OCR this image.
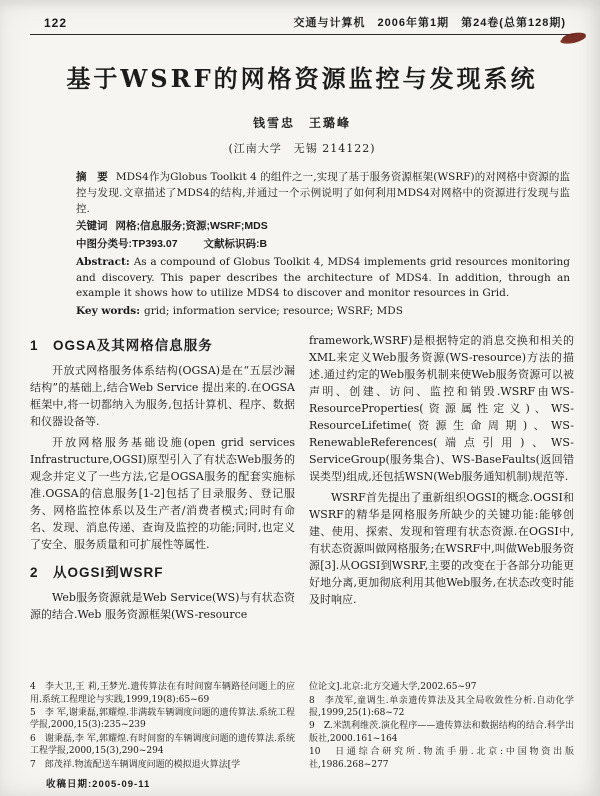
122	交通与计算机　2006年第1期　第24卷(总第128期)
基于WSRF的网格资源监控与发现系统
钱雪忠　王璐峰
(江南大学　无锡 214122)

摘　要 MDS4作为Globus Toolkit 4 的组件之一,实现了基于服务资源框架(WSRF)的对网格中资源的监控与发现.文章描述了MDS4的结构,并通过一个示例说明了如何利用MDS4对网格中的资源进行发现与监控.

关键词 网格;信息服务;资源;WSRF;MDS

中图分类号:TP393.07 文献标识码:B

Abstract: As a compound of Globus Toolkit 4, MDS4 implements grid resources monitoring and discovery. This paper describes the architecture of MDS4. In addition, through an example it shows how to utilize MDS4 to discover and monitor resources in Grid.

Key words: grid; information service; resource; WSRF; MDS

1　OGSA及其网格信息服务

开放式网格服务体系结构(OGSA)是在“五层沙漏结构”的基础上,结合Web Service 提出来的.在OGSA框架中,将一切都纳入为服务,包括计算机、程序、数据和仪器设备等.

开放网格服务基础设施(open grid services Infrastructure,OGSI)原型引入了有状态Web服务的观念并定义了一些方法,它是OGSA服务的配套实施标准.OGSA的信息服务[1-2]包括了目录服务、登记服务、网格监控体系以及生产者/消费者模式;同时有命名、发现、消息传递、查询及监控的功能;同时,也定义了安全、服务质量和可扩展性等属性.

2　从OGSI到WSRF

Web服务资源就是Web Service(WS)与有状态资源的结合.Web 服务资源框架(WS-resource

framework,WSRF)是根据特定的消息交换和相关的XML来定义Web服务资源(WS-resource)方法的描述.通过约定的Web服务机制来使Web服务资源可以被声明、创建、访问、监控和销毁.WSRF由WS-ResourceProperties(资源属性定义)、WS-ResourceLifetime(资源生命周期)、WS-RenewableReferences(端点引用)、WS-ServiceGroup(服务集合)、WS-BaseFaults(返回错误类型)组成,还包括WSN(Web服务通知机制)规范等.

WSRF首先提出了重新组织OGSI的概念.OGSI和WSRF的精华是网格服务所缺少的关键功能:能够创建、使用、探索、发现和管理有状态资源.在OGSI中,有状态资源叫做网格服务;在WSRF中,叫做Web服务资源[3].从OGSI到WSRF,主要的改变在于各部分功能更好地分离,更加彻底利用其他Web服务,在状态改变时能及时响应.

4　李大卫,王 莉,王梦光.遗传算法在有时间窗车辆路径问题上的应用.系统工程理论与实践,1999,19(8):65~69

5　李 军,谢秉磊,郭耀煌.非满载车辆调度问题的遗传算法.系统工程学报,2000,15(3):235~239

6　谢秉磊,李 军,郭耀煌.有时间窗的车辆调度问题的遗传算法.系统工程学报,2000,15(3),290~294

7　郎茂祥.物流配送车辆调度问题的模拟退火算法[学

位论文].北京:北方交通大学,2002.65~97

8　李茂军,童调生.单亲遗传算法及其全局收敛性分析.自动化学报,1999,25(1):68~72

9　Z.米凯利维茨.演化程序——遗传算法和数据结构的结合.科学出版社,2000.161~164

10　日通综合研究所.物流手册.北京:中国物资出版社,1986.268~277

收稿日期:2005-09-11
